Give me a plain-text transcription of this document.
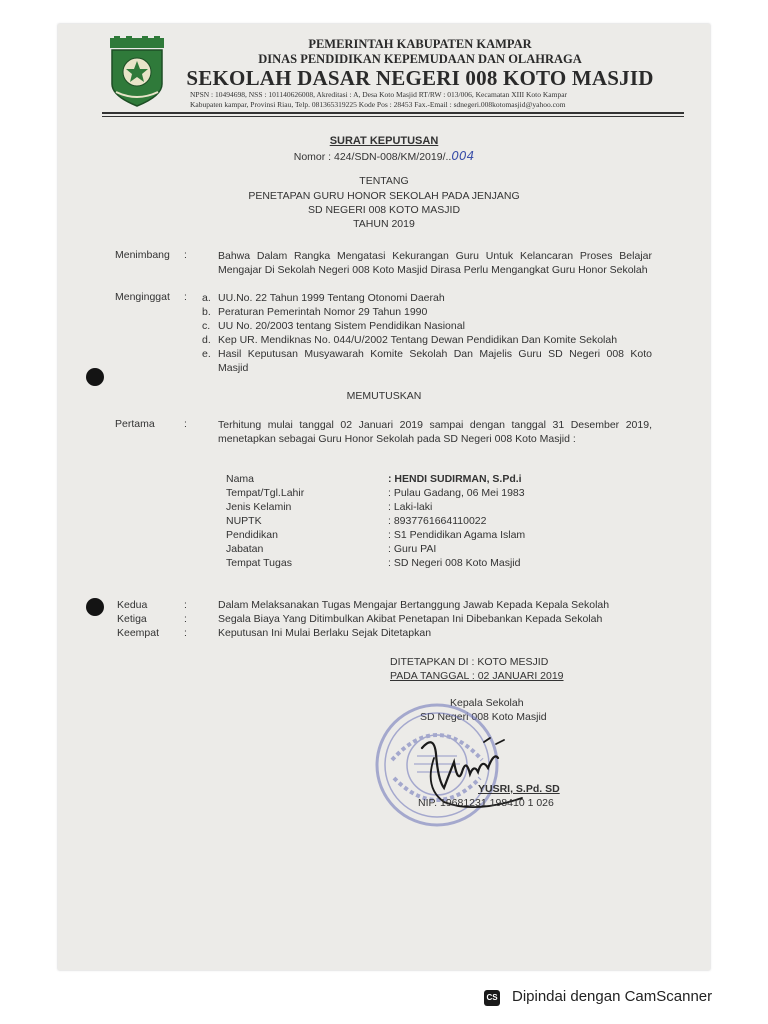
PEMERINTAH KABUPATEN KAMPAR
DINAS PENDIDIKAN KEPEMUDAAN DAN OLAHRAGA
SEKOLAH DASAR NEGERI 008 KOTO MASJID
NPSN : 10494698, NSS : 101140626008, Akreditasi : A, Desa Koto Masjid RT/RW : 013/006, Kecamatan XIII Koto Kampar
Kabupaten kampar, Provinsi Riau, Telp. 081365319225 Kode Pos : 28453 Fax.-Email : sdnegeri.008kotomasjid@yahoo.com
SURAT KEPUTUSAN
Nomor : 424/SDN-008/KM/2019/..004
TENTANG
PENETAPAN GURU HONOR SEKOLAH PADA JENJANG
SD NEGERI 008 KOTO MASJID
TAHUN 2019
Menimbang :	Bahwa Dalam Rangka Mengatasi Kekurangan Guru Untuk Kelancaran Proses Belajar Mengajar Di Sekolah Negeri 008 Koto Masjid Dirasa Perlu Mengangkat Guru Honor Sekolah
Menginggat : a. UU.No. 22 Tahun 1999 Tentang Otonomi Daerah
b. Peraturan Pemerintah Nomor 29 Tahun 1990
c. UU No. 20/2003 tentang Sistem Pendidikan Nasional
d. Kep UR. Mendiknas No. 044/U/2002 Tentang Dewan Pendidikan Dan Komite Sekolah
e. Hasil Keputusan Musyawarah Komite Sekolah Dan Majelis Guru SD Negeri 008 Koto
Masjid
MEMUTUSKAN
Pertama	:	Terhitung mulai tanggal 02 Januari 2019 sampai dengan tanggal 31 Desember 2019, menetapkan sebagai Guru Honor Sekolah pada SD Negeri 008 Koto Masjid :
Nama	: HENDI SUDIRMAN, S.Pd.i
Tempat/Tgl.Lahir	: Pulau Gadang, 06 Mei 1983
Jenis Kelamin	: Laki-laki
NUPTK	: 8937761664110022
Pendidikan	: S1 Pendidikan Agama Islam
Jabatan	: Guru PAI
Tempat Tugas	: SD Negeri 008 Koto Masjid
Kedua	:	Dalam Melaksanakan Tugas Mengajar Bertanggung Jawab Kepada Kepala Sekolah
Ketiga	:	Segala Biaya Yang Ditimbulkan Akibat Penetapan Ini Dibebankan Kepada Sekolah
Keempat :	Keputusan Ini Mulai Berlaku Sejak Ditetapkan
DITETAPKAN DI : KOTO MESJID
PADA TANGGAL : 02 JANUARI 2019
Kepala Sekolah
SD Negeri 008 Koto Masjid
YUSRI, S.Pd. SD
NIP. 19681231 198410 1 026
CS Dipindai dengan CamScanner
